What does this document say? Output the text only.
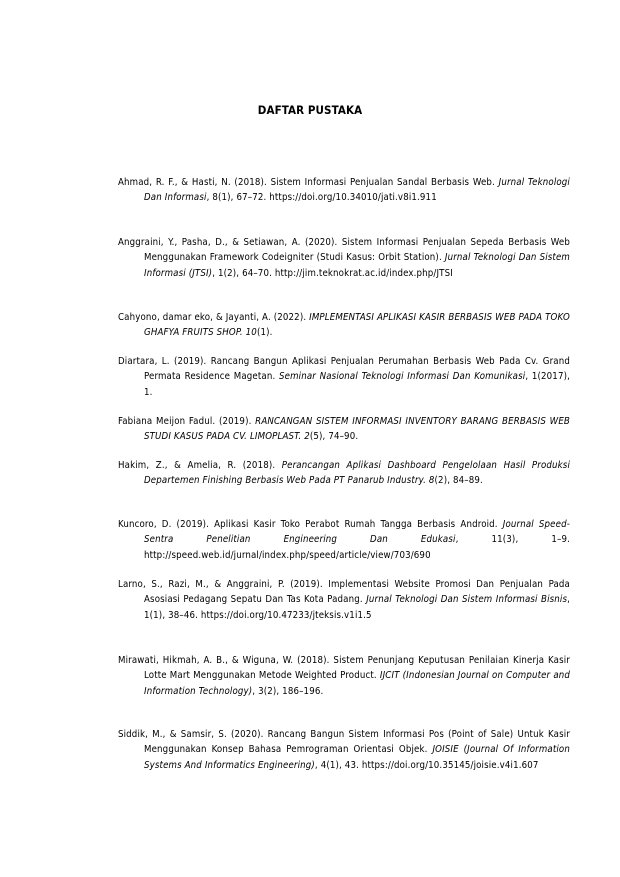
DAFTAR PUSTAKA

Ahmad, R. F., & Hasti, N. (2018). Sistem Informasi Penjualan Sandal Berbasis Web. Jurnal Teknologi Dan Informasi, 8(1), 67–72. https://doi.org/10.34010/jati.v8i1.911

Anggraini, Y., Pasha, D., & Setiawan, A. (2020). Sistem Informasi Penjualan Sepeda Berbasis Web Menggunakan Framework Codeigniter (Studi Kasus: Orbit Station). Jurnal Teknologi Dan Sistem Informasi (JTSI), 1(2), 64–70. http://jim.teknokrat.ac.id/index.php/JTSI

Cahyono, damar eko, & Jayanti, A. (2022). IMPLEMENTASI APLIKASI KASIR BERBASIS WEB PADA TOKO GHAFYA FRUITS SHOP. 10(1).

Diartara, L. (2019). Rancang Bangun Aplikasi Penjualan Perumahan Berbasis Web Pada Cv. Grand Permata Residence Magetan. Seminar Nasional Teknologi Informasi Dan Komunikasi, 1(2017), 1.

Fabiana Meijon Fadul. (2019). RANCANGAN SISTEM INFORMASI INVENTORY BARANG BERBASIS WEB STUDI KASUS PADA CV. LIMOPLAST. 2(5), 74–90.

Hakim, Z., & Amelia, R. (2018). Perancangan Aplikasi Dashboard Pengelolaan Hasil Produksi Departemen Finishing Berbasis Web Pada PT Panarub Industry. 8(2), 84–89.

Kuncoro, D. (2019). Aplikasi Kasir Toko Perabot Rumah Tangga Berbasis Android. Journal Speed-Sentra Penelitian Engineering Dan Edukasi, 11(3), 1–9. http://speed.web.id/jurnal/index.php/speed/article/view/703/690

Larno, S., Razi, M., & Anggraini, P. (2019). Implementasi Website Promosi Dan Penjualan Pada Asosiasi Pedagang Sepatu Dan Tas Kota Padang. Jurnal Teknologi Dan Sistem Informasi Bisnis, 1(1), 38–46. https://doi.org/10.47233/jteksis.v1i1.5

Mirawati, Hikmah, A. B., & Wiguna, W. (2018). Sistem Penunjang Keputusan Penilaian Kinerja Kasir Lotte Mart Menggunakan Metode Weighted Product. IJCIT (Indonesian Journal on Computer and Information Technology), 3(2), 186–196.

Siddik, M., & Samsir, S. (2020). Rancang Bangun Sistem Informasi Pos (Point of Sale) Untuk Kasir Menggunakan Konsep Bahasa Pemrograman Orientasi Objek. JOISIE (Journal Of Information Systems And Informatics Engineering), 4(1), 43. https://doi.org/10.35145/joisie.v4i1.607
